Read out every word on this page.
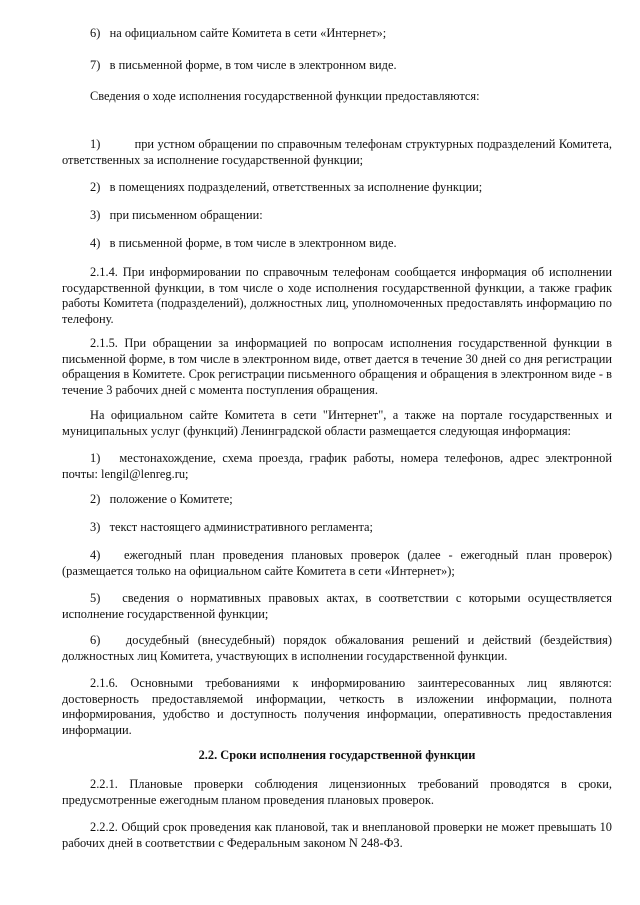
6)   на официальном сайте Комитета в сети «Интернет»;

7)   в письменной форме, в том числе в электронном виде.

Сведения о ходе исполнения государственной функции предоставляются:

1)          при устном обращении по справочным телефонам структурных подразделений Комитета, ответственных за исполнение государственной функции;

2)   в помещениях подразделений, ответственных за исполнение функции;

3)   при письменном обращении:

4)   в письменной форме, в том числе в электронном виде.

2.1.4. При информировании по справочным телефонам сообщается информация об исполнении государственной функции, в том числе о ходе исполнения государственной функции, а также график работы Комитета (подразделений), должностных лиц, уполномоченных предоставлять информацию по телефону.

2.1.5. При обращении за информацией по вопросам исполнения государственной функции в письменной форме, в том числе в электронном виде, ответ дается в течение 30 дней со дня регистрации обращения в Комитете. Срок регистрации письменного обращения и обращения в электронном виде - в течение 3 рабочих дней с момента поступления обращения.

На официальном сайте Комитета в сети "Интернет", а также на портале государственных и муниципальных услуг (функций) Ленинградской области размещается следующая информация:

1)   местонахождение, схема проезда, график работы, номера телефонов, адрес электронной почты: lengil@lenreg.ru;

2)   положение о Комитете;

3)   текст настоящего административного регламента;

4)   ежегодный план проведения плановых проверок (далее - ежегодный план проверок) (размещается только на официальном сайте Комитета в сети «Интернет»);

5)   сведения о нормативных правовых актах, в соответствии с которыми осуществляется исполнение государственной функции;

6)   досудебный (внесудебный) порядок обжалования решений и действий (бездействия) должностных лиц Комитета, участвующих в исполнении государственной функции.

2.1.6. Основными требованиями к информированию заинтересованных лиц являются: достоверность предоставляемой информации, четкость в изложении информации, полнота информирования, удобство и доступность получения информации, оперативность предоставления информации.

2.2. Сроки исполнения государственной функции

2.2.1. Плановые проверки соблюдения лицензионных требований проводятся в сроки, предусмотренные ежегодным планом проведения плановых проверок.

2.2.2. Общий срок проведения как плановой, так и внеплановой проверки не может превышать 10 рабочих дней в соответствии с Федеральным законом N 248-ФЗ.
